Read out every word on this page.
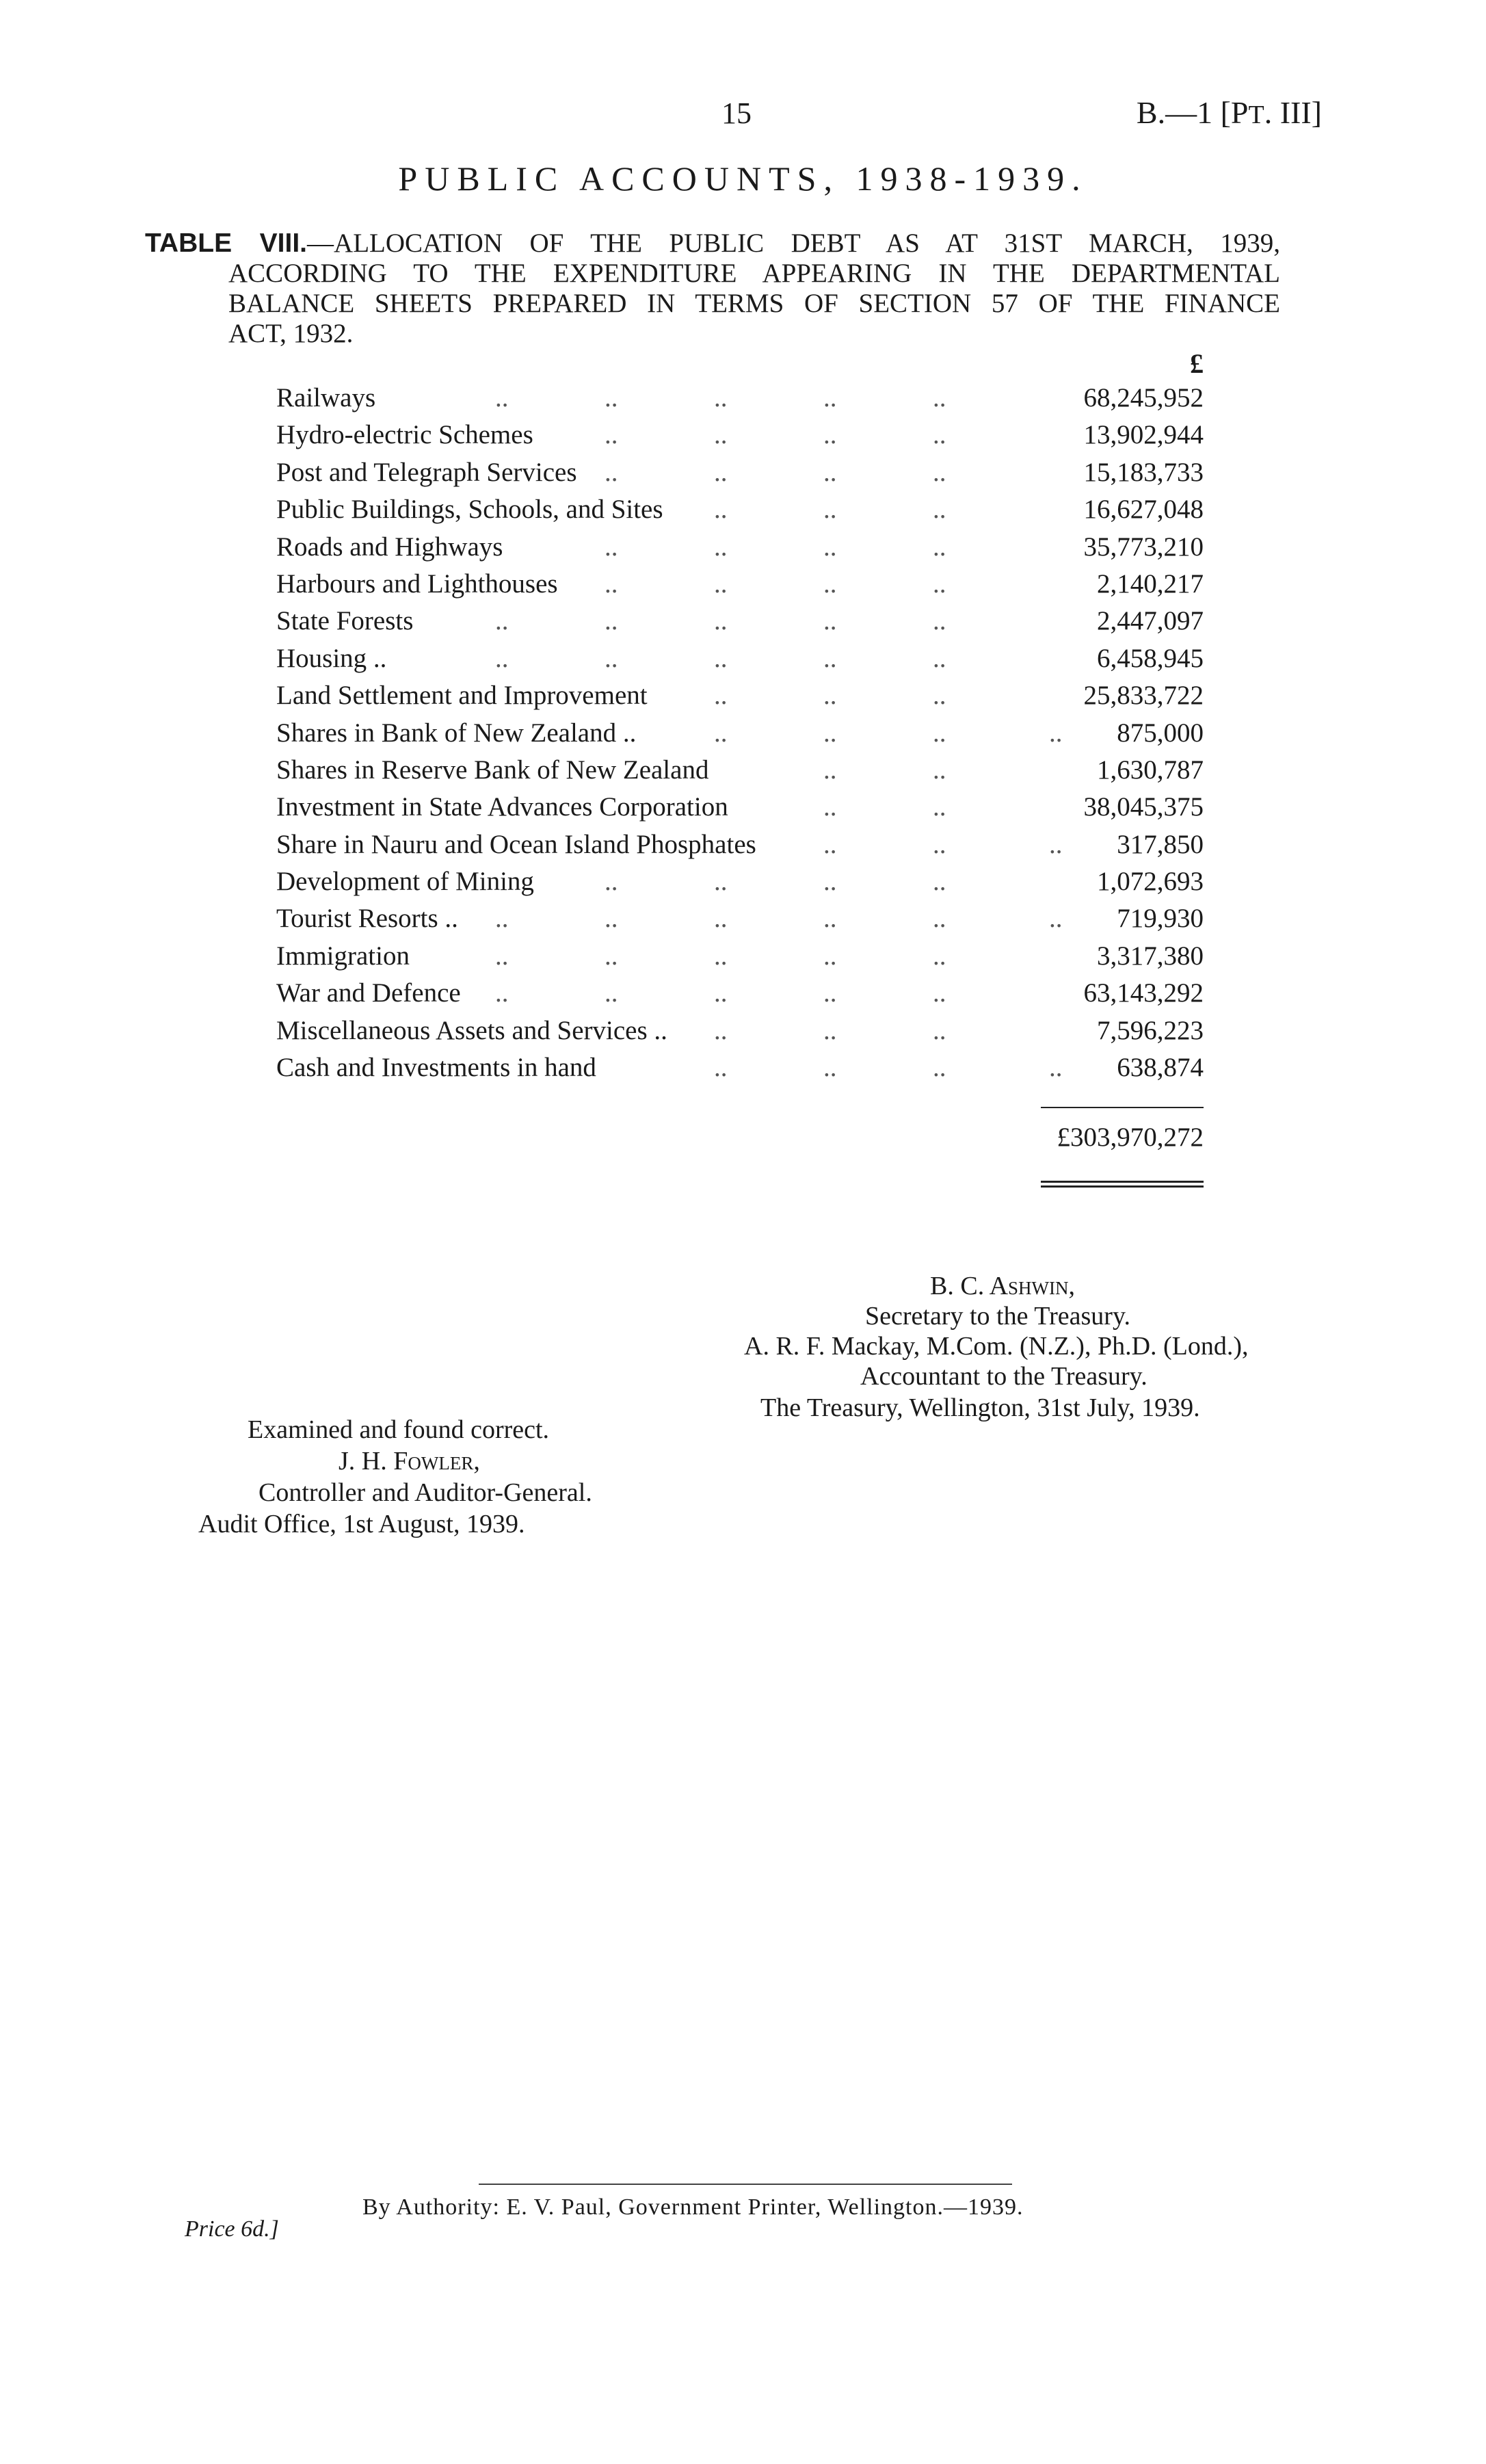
15	B.—1 [PT. III]
PUBLIC ACCOUNTS, 1938-1939.
TABLE VIII.—ALLOCATION OF THE PUBLIC DEBT AS AT 31ST MARCH, 1939,
ACCORDING TO THE EXPENDITURE APPEARING IN THE DEPARTMENTAL
BALANCE SHEETS PREPARED IN TERMS OF SECTION 57 OF THE FINANCE
ACT, 1932.
£
Railways	..	..	..	..	..	68,245,952
Hydro-electric Schemes	..	..	..	..	13,902,944
Post and Telegraph Services ..	..	..	..	15,183,733
Public Buildings, Schools, and Sites ..	..	..	16,627,048
Roads and Highways	..	..	..	..	35,773,210
Harbours and Lighthouses ..	..	..	..	2,140,217
State Forests	..	..	..	..	..	2,447,097
Housing ..	..	..	..	..	..	6,458,945
Land Settlement and Improvement ..	..	..	25,833,722
Shares in Bank of New Zealand ..	..	..	..	.. 875,000
Shares in Reserve Bank of New Zealand	..	..	1,630,787
Investment in State Advances Corporation	..	..	38,045,375
Share in Nauru and Ocean Island Phosphates	..	..	.. 317,850
Development of Mining	..	..	..	..	1,072,693
Tourist Resorts .. ..	..	..	..	..	.. 719,930
Immigration	..	..	..	..	..	3,317,380
War and Defence ..	..	..	..	..	63,143,292
Miscellaneous Assets and Services .. ..	..	..	7,596,223
Cash and Investments in hand	..	..	..	.. 638,874
£303,970,272
B. C. Ashwin,
Secretary to the Treasury.
A. R. F. Mackay, M.Com. (N.Z.), Ph.D. (Lond.),
Accountant to the Treasury.
The Treasury, Wellington, 31st July, 1939.
Examined and found correct.
J. H. Fowler,
Controller and Auditor-General.
Audit Office, 1st August, 1939.
By Authority: E. V. Paul, Government Printer, Wellington.—1939.
Price 6d.]
